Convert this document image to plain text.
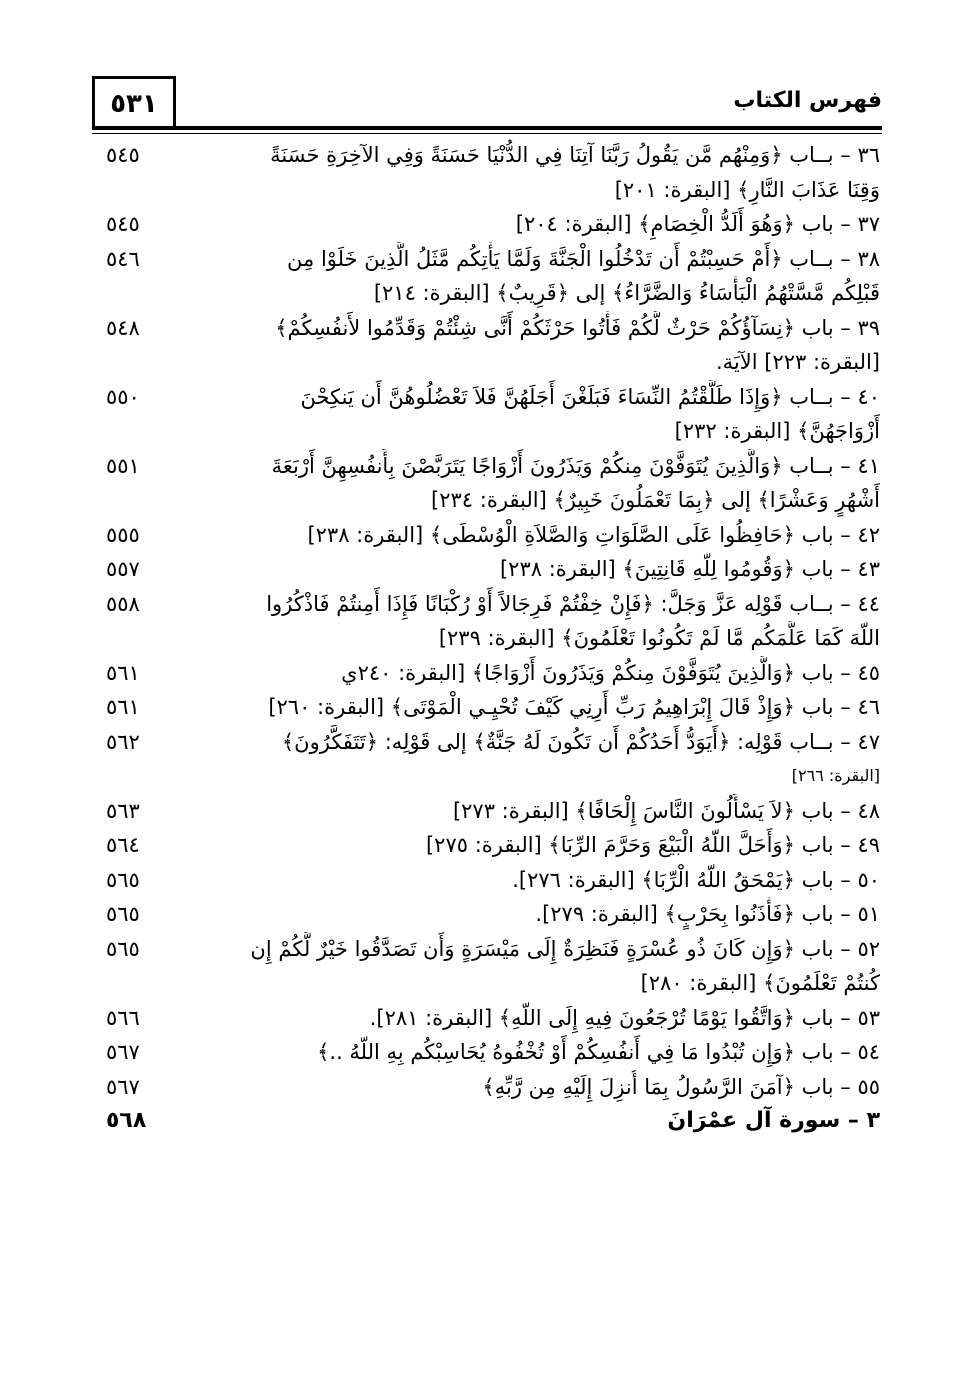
٥٣١	فهرس الكتاب
٣٦ – بــاب ﴿وَمِنْهُم مَّن يَقُولُ رَبَّنَا آتِنَا فِي الدُّنْيَا حَسَنَةً وَفِي الآخِرَةِ حَسَنَةً
وَقِنَا عَذَابَ النَّارِ﴾ [البقرة: ٢٠١]
٥٤٥
٣٧ – باب ﴿وَهُوَ أَلَدُّ الْخِصَامِ﴾ [البقرة: ٢٠٤]
٥٤٥
٣٨ – بــاب ﴿أَمْ حَسِبْتُمْ أَن تَدْخُلُوا الْجَنَّةَ وَلَمَّا يَأْتِكُم مَّثَلُ الَّذِينَ خَلَوْا مِن
قَبْلِكُم مَّسَّتْهُمُ الْبَأْسَاءُ وَالضَّرَّاءُ﴾ إلى ﴿قَرِيبٌ﴾ [البقرة: ٢١٤]
٥٤٦
٣٩ – باب ﴿نِسَآؤُكُمْ حَرْثٌ لَّكُمْ فَأْتُوا حَرْثَكُمْ أَنَّى شِئْتُمْ وَقَدِّمُوا لأَنفُسِكُمْ﴾
[البقرة: ٢٢٣] الآيَة.
٥٤٨
٤٠ – بــاب ﴿وَإِذَا طَلَّقْتُمُ النِّسَاءَ فَبَلَغْنَ أَجَلَهُنَّ فَلاَ تَعْضُلُوهُنَّ أَن يَنكِحْنَ
أَزْوَاجَهُنَّ﴾ [البقرة: ٢٣٢]
٥٥٠
٤١ – بــاب ﴿وَالَّذِينَ يُتَوَفَّوْنَ مِنكُمْ وَيَذَرُونَ أَزْوَاجًا يَتَرَبَّصْنَ بِأَنفُسِهِنَّ أَرْبَعَةَ
أَشْهُرٍ وَعَشْرًا﴾ إلى ﴿بِمَا تَعْمَلُونَ خَبِيرٌ﴾ [البقرة: ٢٣٤]
٥٥١
٤٢ – باب ﴿حَافِظُوا عَلَى الصَّلَوَاتِ وَالصَّلاَةِ الْوُسْطَى﴾ [البقرة: ٢٣٨]
٥٥٥
٤٣ – باب ﴿وَقُومُوا لِلّهِ قَانِتِينَ﴾ [البقرة: ٢٣٨]
٥٥٧
٤٤ – بــاب قَوْلِه عَزَّ وَجَلَّ: ﴿فَإِنْ خِفْتُمْ فَرِجَالاً أَوْ رُكْبَانًا فَإِذَا أَمِنتُمْ فَاذْكُرُوا
اللّهَ كَمَا عَلَّمَكُم مَّا لَمْ تَكُونُوا تَعْلَمُونَ﴾ [البقرة: ٢٣٩]
٥٥٨
٤٥ – باب ﴿وَالَّذِينَ يُتَوَفَّوْنَ مِنكُمْ وَيَذَرُونَ أَزْوَاجًا﴾ [البقرة: ٢٤٠ي
٥٦١
٤٦ – باب ﴿وَإِذْ قَالَ إِبْرَاهِيمُ رَبِّ أَرِنِي كَيْفَ تُحْيِـي الْمَوْتَى﴾ [البقرة: ٢٦٠]
٥٦١
٤٧ – بــاب قَوْلِه: ﴿أَيَوَدُّ أَحَدُكُمْ أَن تَكُونَ لَهُ جَنَّةٌ﴾ إلى قَوْلِه: ﴿تَتَفَكَّرُونَ﴾
[البقرة: ٢٦٦]
٥٦٢
٤٨ – باب ﴿لاَ يَسْأَلُونَ النَّاسَ إِلْحَافًا﴾ [البقرة: ٢٧٣]
٥٦٣
٤٩ – باب ﴿وَأَحَلَّ اللّهُ الْبَيْعَ وَحَرَّمَ الرِّبَا﴾ [البقرة: ٢٧٥]
٥٦٤
٥٠ – باب ﴿يَمْحَقُ اللّهُ الْرِّبَا﴾ [البقرة: ٢٧٦].
٥٦٥
٥١ – باب ﴿فَأْذَنُوا بِحَرْبٍ﴾ [البقرة: ٢٧٩].
٥٦٥
٥٢ – باب ﴿وَإِن كَانَ ذُو عُسْرَةٍ فَنَظِرَةٌ إِلَى مَيْسَرَةٍ وَأَن تَصَدَّقُوا خَيْرٌ لَّكُمْ إِن
كُنتُمْ تَعْلَمُونَ﴾ [البقرة: ٢٨٠]
٥٦٥
٥٣ – باب ﴿وَاتَّقُوا يَوْمًا تُرْجَعُونَ فِيهِ إِلَى اللّهِ﴾ [البقرة: ٢٨١].
٥٦٦
٥٤ – باب ﴿وَإِن تُبْدُوا مَا فِي أَنفُسِكُمْ أَوْ تُخْفُوهُ يُحَاسِبْكُم بِهِ اللّهُ ..﴾
٥٦٧
٥٥ – باب ﴿آمَنَ الرَّسُولُ بِمَا أُنزِلَ إِلَيْهِ مِن رَّبِّهِ﴾
٥٦٧
٣ – سورة آل عمْرَانَ
٥٦٨
